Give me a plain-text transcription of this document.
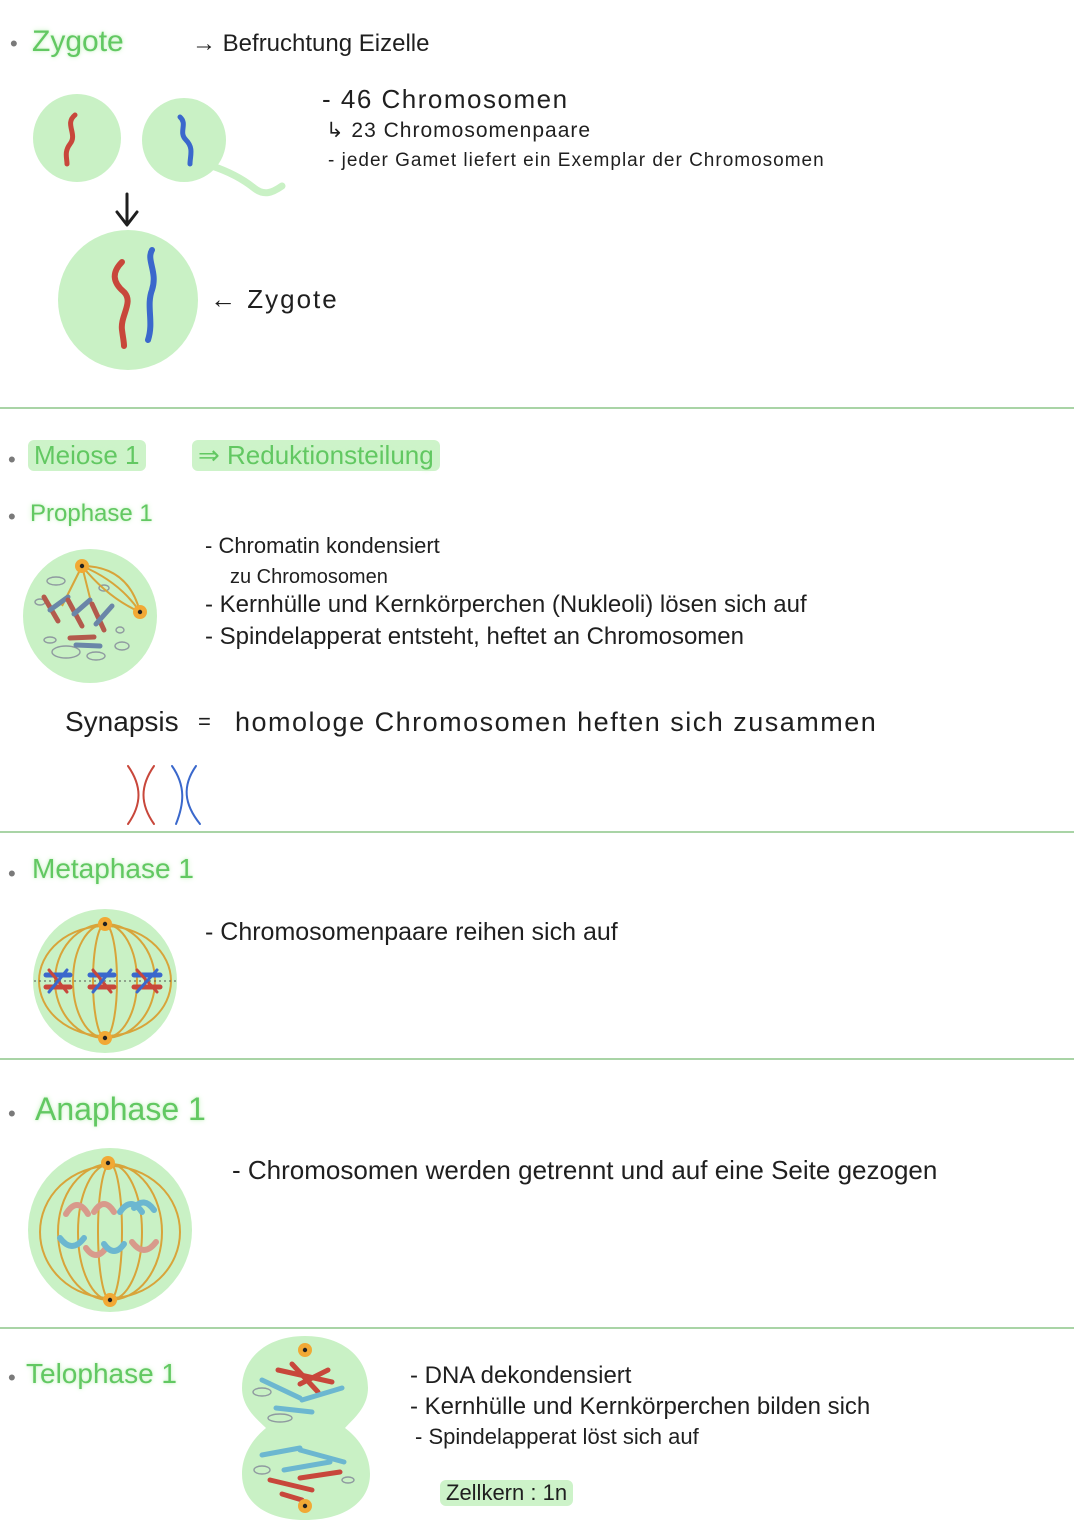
• Zygote	→ Befruchtung Eizelle
- 46 Chromosomen
↳ 23 Chromosomenpaare
- jeder Gamet liefert ein Exemplar der Chromosomen
← Zygote
• Meiose 1 ⇒ Reduktionsteilung
• Prophase 1
- Chromatin kondensiert
zu Chromosomen
- Kernhülle und Kernkörperchen (Nukleoli) lösen sich auf
- Spindelapperat entsteht, heftet an Chromosomen
Synapsis = homologe Chromosomen heften sich zusammen
• Metaphase 1
- Chromosomenpaare reihen sich auf
• Anaphase 1
- Chromosomen werden getrennt und auf eine Seite gezogen
• Telophase 1	- DNA dekondensiert
- Kernhülle und Kernkörperchen bilden sich
- Spindelapperat löst sich auf
Zellkern : 1n
